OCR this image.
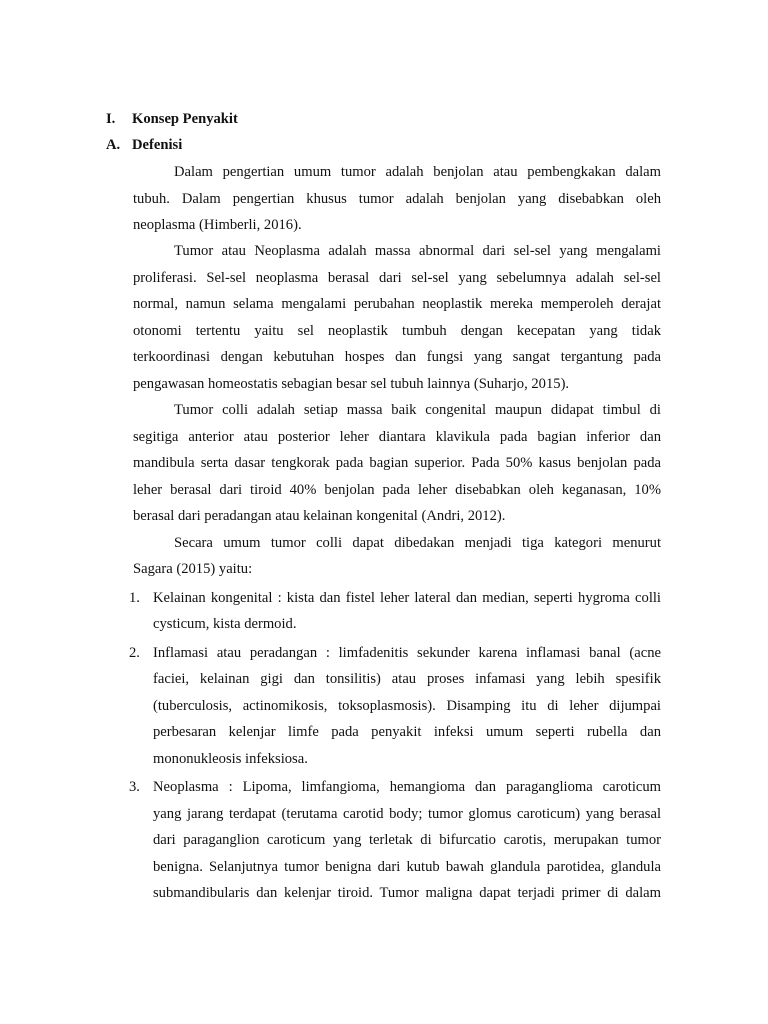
I. Konsep Penyakit
A. Defenisi
Dalam pengertian umum tumor adalah benjolan atau pembengkakan dalam
tubuh. Dalam pengertian khusus tumor adalah benjolan yang disebabkan oleh
neoplasma (Himberli, 2016).
Tumor atau Neoplasma adalah massa abnormal dari sel-sel yang mengalami
proliferasi. Sel-sel neoplasma berasal dari sel-sel yang sebelumnya adalah sel-sel
normal, namun selama mengalami perubahan neoplastik mereka memperoleh derajat
otonomi tertentu yaitu sel neoplastik tumbuh dengan kecepatan yang tidak
terkoordinasi dengan kebutuhan hospes dan fungsi yang sangat tergantung pada
pengawasan homeostatis sebagian besar sel tubuh lainnya (Suharjo, 2015).
Tumor colli adalah setiap massa baik congenital maupun didapat timbul di
segitiga anterior atau posterior leher diantara klavikula pada bagian inferior dan
mandibula serta dasar tengkorak pada bagian superior. Pada 50% kasus benjolan pada
leher berasal dari tiroid 40% benjolan pada leher disebabkan oleh keganasan, 10%
berasal dari peradangan atau kelainan kongenital (Andri, 2012).
Secara umum tumor colli dapat dibedakan menjadi tiga kategori menurut
Sagara (2015) yaitu:
1. Kelainan kongenital : kista dan fistel leher lateral dan median, seperti hygroma colli
cysticum, kista dermoid.
2. Inflamasi atau peradangan : limfadenitis sekunder karena inflamasi banal (acne
faciei, kelainan gigi dan tonsilitis) atau proses infamasi yang lebih spesifik
(tuberculosis, actinomikosis, toksoplasmosis). Disamping itu di leher dijumpai
perbesaran kelenjar limfe pada penyakit infeksi umum seperti rubella dan
mononukleosis infeksiosa.
3. Neoplasma : Lipoma, limfangioma, hemangioma dan paraganglioma caroticum
yang jarang terdapat (terutama carotid body; tumor glomus caroticum) yang berasal
dari paraganglion caroticum yang terletak di bifurcatio carotis, merupakan tumor
benigna. Selanjutnya tumor benigna dari kutub bawah glandula parotidea, glandula
submandibularis dan kelenjar tiroid. Tumor maligna dapat terjadi primer di dalam
